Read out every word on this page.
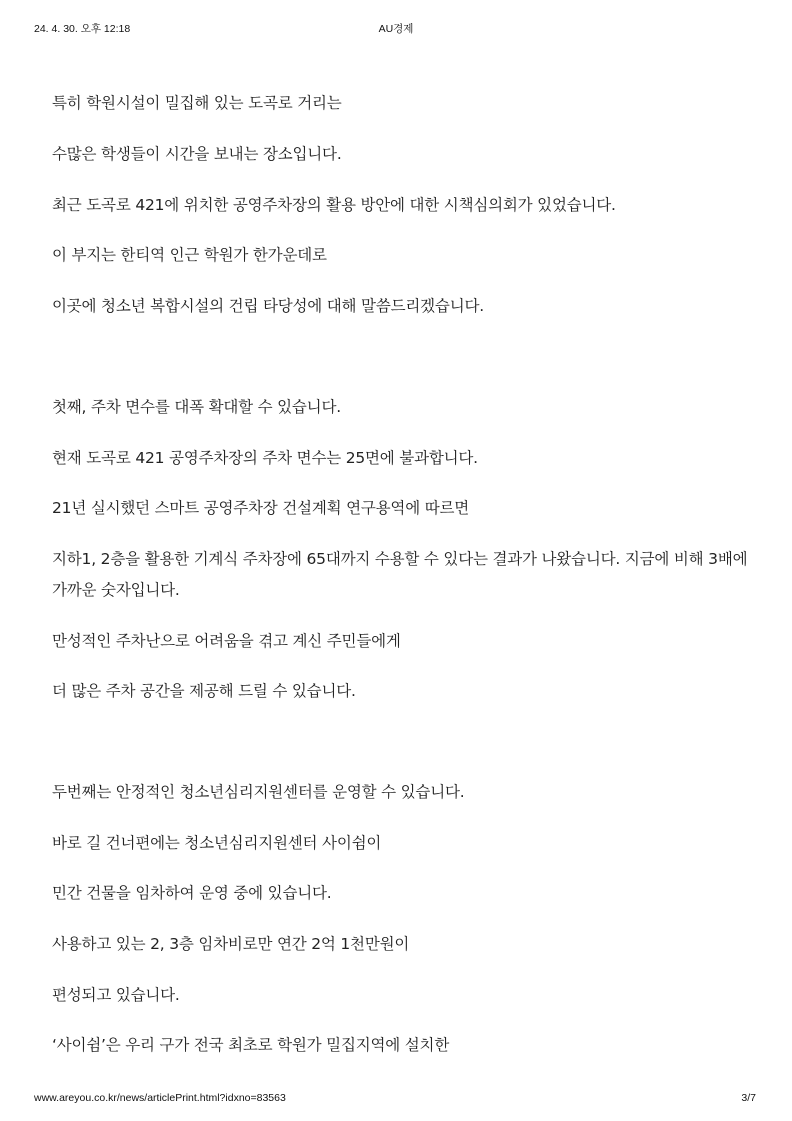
24. 4. 30. 오후 12:18	AU경제

특히 학원시설이 밀집해 있는 도곡로 거리는

수많은 학생들이 시간을 보내는 장소입니다.

최근 도곡로 421에 위치한 공영주차장의 활용 방안에 대한 시책심의회가 있었습니다.

이 부지는 한티역 인근 학원가 한가운데로

이곳에 청소년 복합시설의 건립 타당성에 대해 말씀드리겠습니다.

첫째, 주차 면수를 대폭 확대할 수 있습니다.

현재 도곡로 421 공영주차장의 주차 면수는 25면에 불과합니다.

21년 실시했던 스마트 공영주차장 건설계획 연구용역에 따르면

지하1, 2층을 활용한 기계식 주차장에 65대까지 수용할 수 있다는 결과가 나왔습니다. 지금에 비해 3배에 가까운 숫자입니다.

만성적인 주차난으로 어려움을 겪고 계신 주민들에게

더 많은 주차 공간을 제공해 드릴 수 있습니다.

두번째는 안정적인 청소년심리지원센터를 운영할 수 있습니다.

바로 길 건너편에는 청소년심리지원센터 사이쉼이

민간 건물을 임차하여 운영 중에 있습니다.

사용하고 있는 2, 3층 임차비로만 연간 2억 1천만원이

편성되고 있습니다.

‘사이쉼’은 우리 구가 전국 최초로 학원가 밀집지역에 설치한

www.areyou.co.kr/news/articlePrint.html?idxno=83563	3/7
